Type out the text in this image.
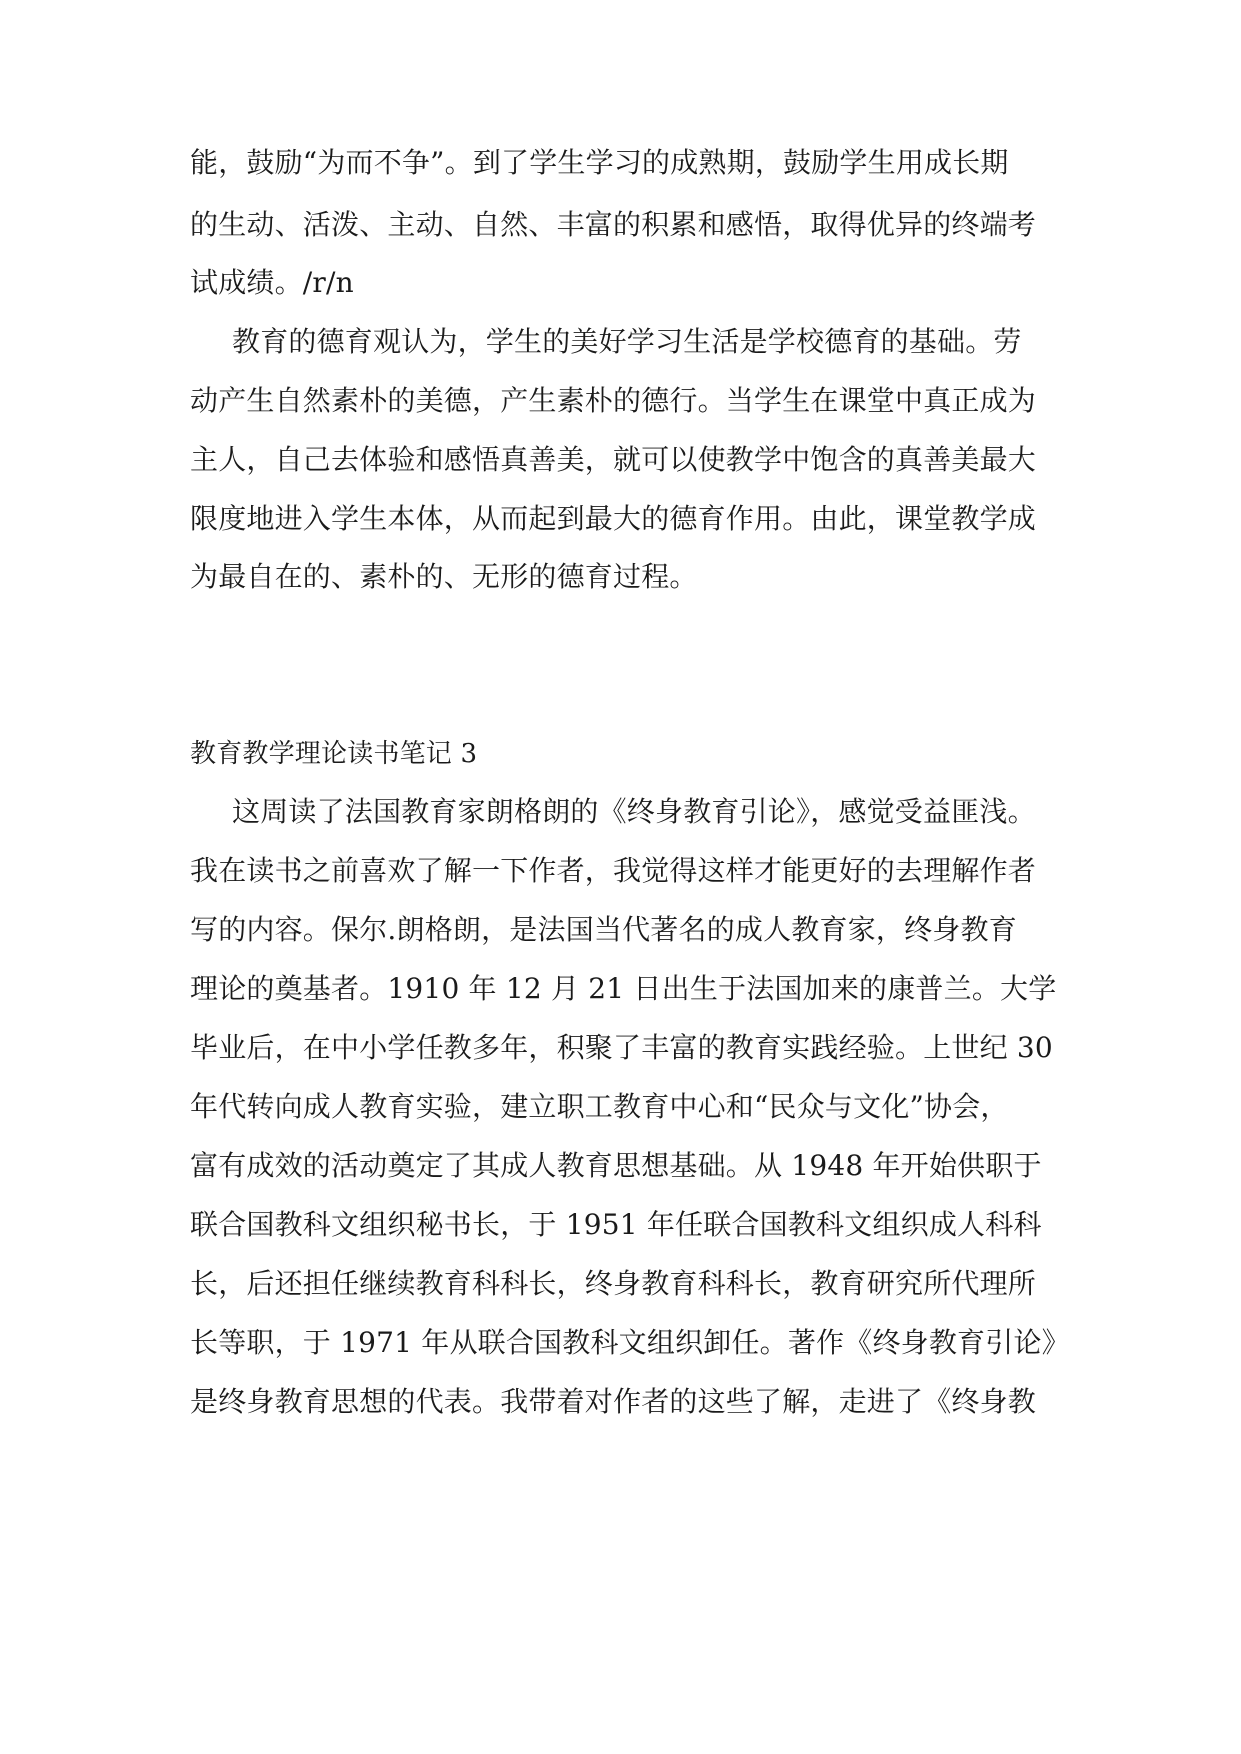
能，鼓励“为而不争”。到了学生学习的成熟期，鼓励学生用成长期
的生动、活泼、主动、自然、丰富的积累和感悟，取得优异的终端考
试成绩。/r/n
教育的德育观认为，学生的美好学习生活是学校德育的基础。劳
动产生自然素朴的美德，产生素朴的德行。当学生在课堂中真正成为
主人，自己去体验和感悟真善美，就可以使教学中饱含的真善美最大
限度地进入学生本体，从而起到最大的德育作用。由此，课堂教学成
为最自在的、素朴的、无形的德育过程。
教育教学理论读书笔记 3
这周读了法国教育家朗格朗的《终身教育引论》，感觉受益匪浅。
我在读书之前喜欢了解一下作者，我觉得这样才能更好的去理解作者
写的内容。保尔.朗格朗，是法国当代著名的成人教育家，终身教育
理论的奠基者。1910 年 12 月 21 日出生于法国加来的康普兰。大学
毕业后，在中小学任教多年，积聚了丰富的教育实践经验。上世纪 30
年代转向成人教育实验，建立职工教育中心和“民众与文化”协会，
富有成效的活动奠定了其成人教育思想基础。从 1948 年开始供职于
联合国教科文组织秘书长，于 1951 年任联合国教科文组织成人科科
长，后还担任继续教育科科长，终身教育科科长，教育研究所代理所
长等职，于 1971 年从联合国教科文组织卸任。著作《终身教育引论》
是终身教育思想的代表。我带着对作者的这些了解，走进了《终身教
